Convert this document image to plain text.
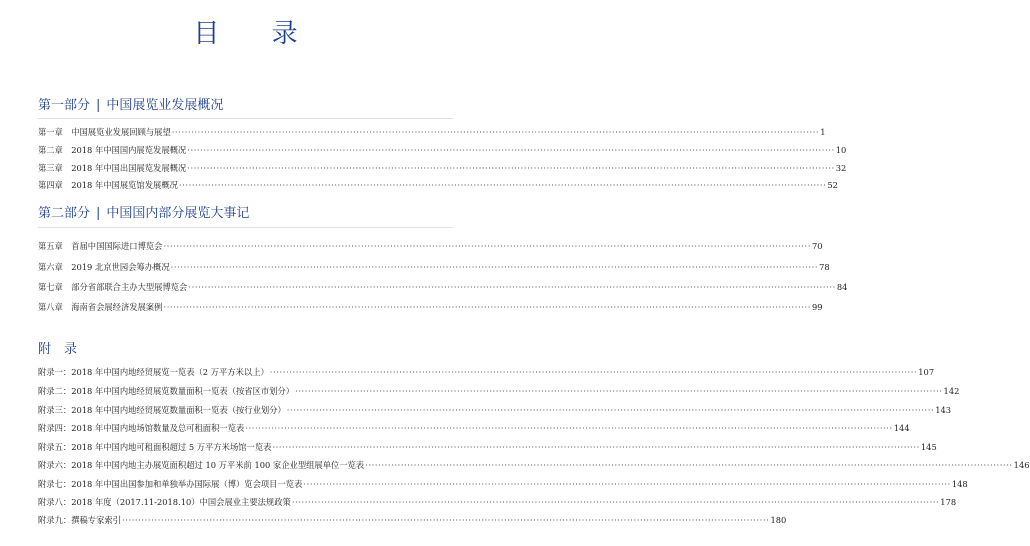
目 录
第一部分 | 中国展览业发展概况
第一章　中国展览业发展回顾与展望 ········································································································································································································ 1
第二章　2018 年中国国内展览发展概况 ········································································································································································································ 10
第三章　2018 年中国出国展览发展概况 ········································································································································································································ 32
第四章　2018 年中国展览馆发展概况 ········································································································································································································ 52
第二部分 | 中国国内部分展览大事记
第五章　首届中国国际进口博览会 ········································································································································································································ 70
第六章　2019 北京世园会筹办概况 ········································································································································································································ 78
第七章　部分省部联合主办大型展博览会 ········································································································································································································ 84
第八章　海南省会展经济发展案例 ········································································································································································································ 99
附　录
附录一：2018 年中国内地经贸展览一览表（2 万平方米以上） ········································································································································································································ 107
附录二：2018 年中国内地经贸展览数量面积一览表（按省区市划分） ········································································································································································································ 142
附录三：2018 年中国内地经贸展览数量面积一览表（按行业划分） ········································································································································································································ 143
附录四：2018 年中国内地场馆数量及总可租面积一览表 ········································································································································································································ 144
附录五：2018 年中国内地可租面积超过 5 万平方米场馆一览表 ········································································································································································································ 145
附录六：2018 年中国内地主办展览面积超过 10 万平米前 100 家企业型组展单位一览表 ········································································································································································································ 146
附录七：2018 年中国出国参加和单独举办国际展（博）览会项目一览表 ········································································································································································································ 148
附录八：2018 年度（2017.11-2018.10）中国会展业主要法规政策 ········································································································································································································ 178
附录九：撰稿专家索引 ········································································································································································································ 180
